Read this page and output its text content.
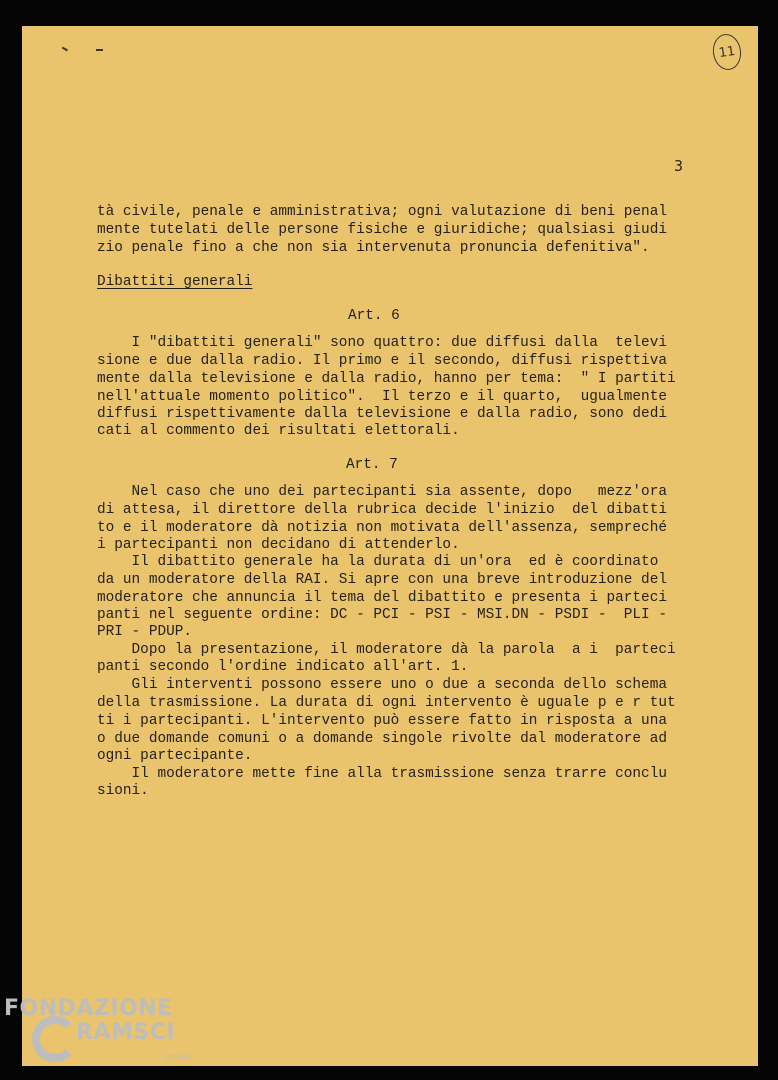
11
3

tà civile, penale e amministrativa; ogni valutazione di beni penal

mente tutelati delle persone fisiche e giuridiche; qualsiasi giudi

zio penale fino a che non sia intervenuta pronuncia defenitiva".

Dibattiti generali

Art. 6

I "dibattiti generali" sono quattro: due diffusi dalla  televi

sione e due dalla radio. Il primo e il secondo, diffusi rispettiva

mente dalla televisione e dalla radio, hanno per tema:  " I partiti

nell'attuale momento politico".  Il terzo e il quarto,  ugualmente

diffusi rispettivamente dalla televisione e dalla radio, sono dedi

cati al commento dei risultati elettorali.

Art. 7

Nel caso che uno dei partecipanti sia assente, dopo   mezz'ora

di attesa, il direttore della rubrica decide l'inizio  del dibatti

to e il moderatore dà notizia non motivata dell'assenza, sempreché

i partecipanti non decidano di attenderlo.

Il dibattito generale ha la durata di un'ora  ed è coordinato

da un moderatore della RAI. Si apre con una breve introduzione del

moderatore che annuncia il tema del dibattito e presenta i parteci

panti nel seguente ordine: DC - PCI - PSI - MSI.DN - PSDI -  PLI -

PRI - PDUP.

Dopo la presentazione, il moderatore dà la parola  a i  parteci

panti secondo l'ordine indicato all'art. 1.

Gli interventi possono essere uno o due a seconda dello schema

della trasmissione. La durata di ogni intervento è uguale p e r tut

ti i partecipanti. L'intervento può essere fatto in risposta a una

o due domande comuni o a domande singole rivolte dal moderatore ad

ogni partecipante.

Il moderatore mette fine alla trasmissione senza trarre conclu

sioni.

FONDAZIONE
RAMSCI
onlus
